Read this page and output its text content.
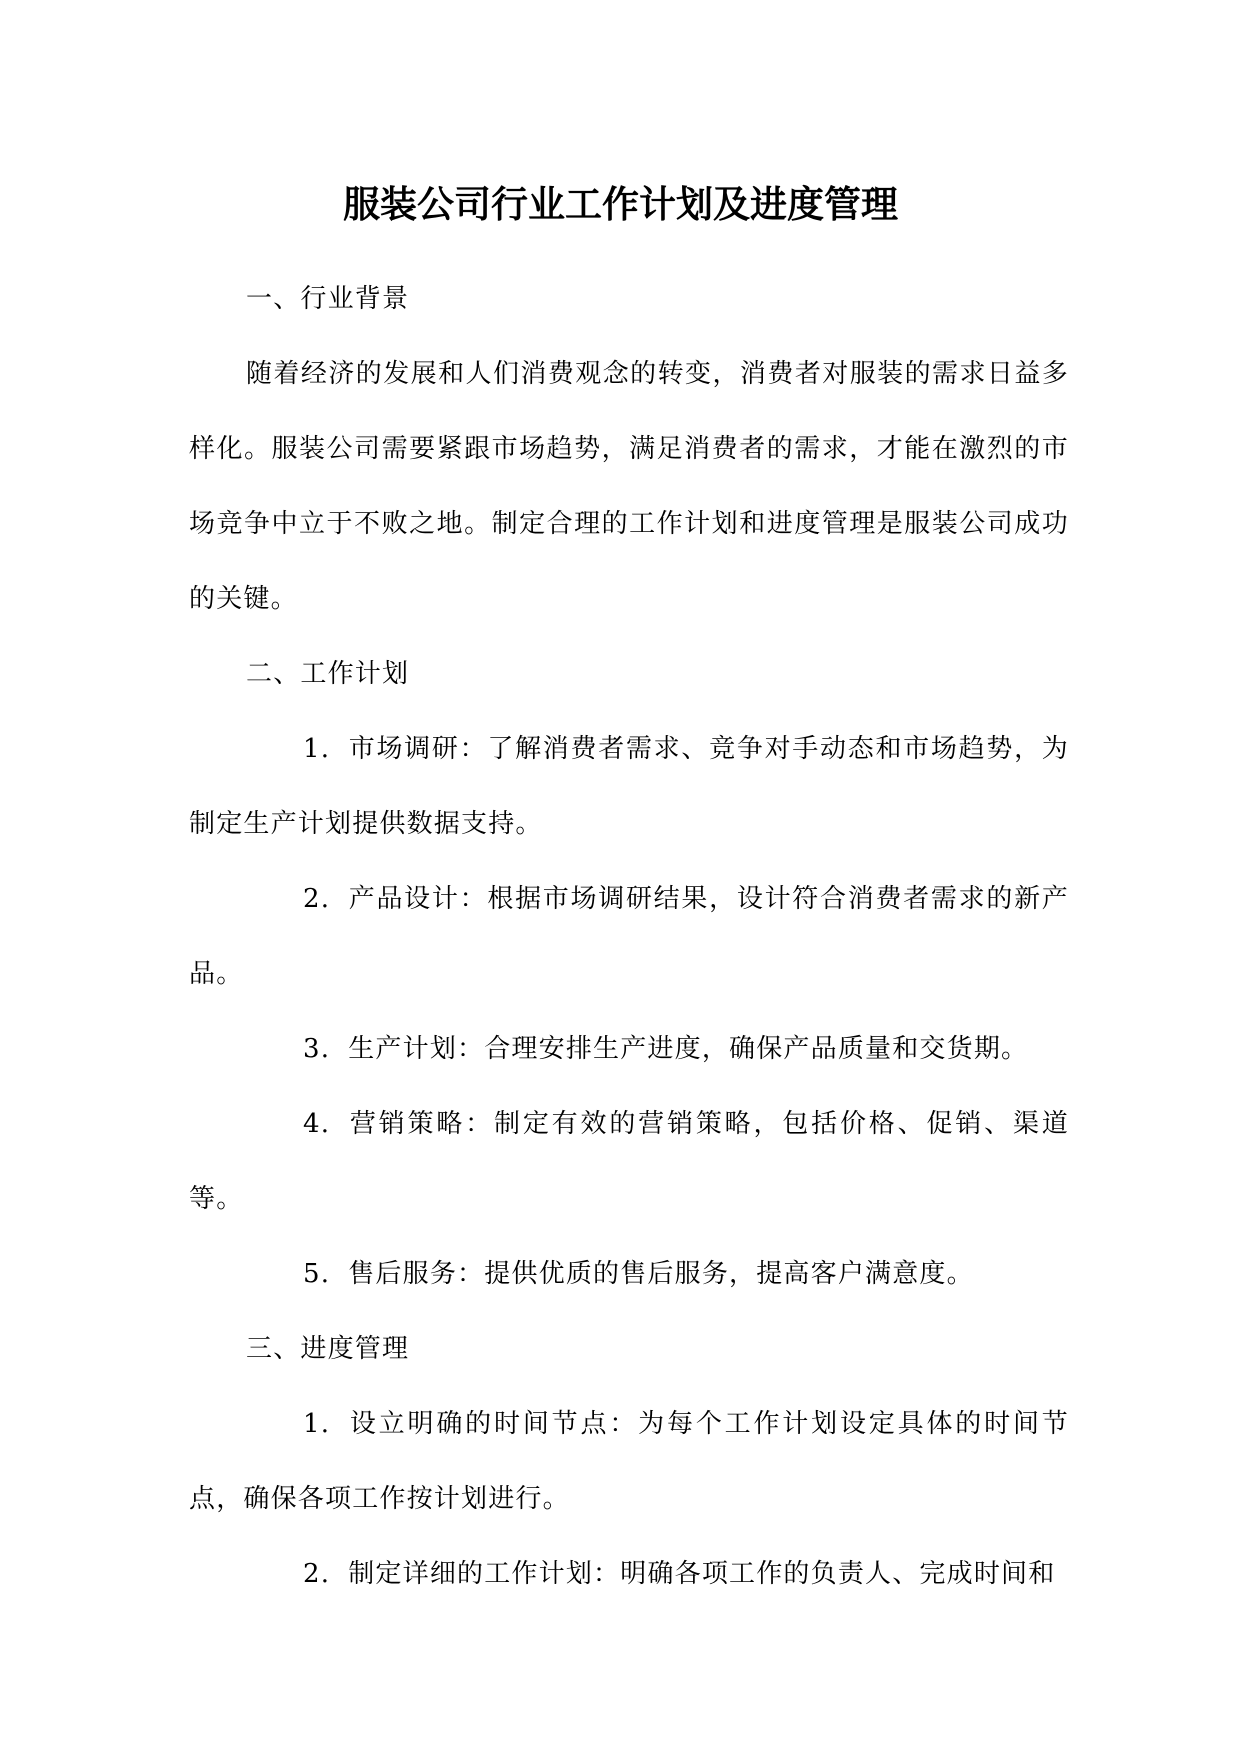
服装公司行业工作计划及进度管理

一、行业背景

随着经济的发展和人们消费观念的转变，消费者对服装的需求日益多样化。服装公司需要紧跟市场趋势，满足消费者的需求，才能在激烈的市场竞争中立于不败之地。制定合理的工作计划和进度管理是服装公司成功的关键。

二、工作计划

1. 市场调研：了解消费者需求、竞争对手动态和市场趋势，为制定生产计划提供数据支持。

2. 产品设计：根据市场调研结果，设计符合消费者需求的新产品。

3. 生产计划：合理安排生产进度，确保产品质量和交货期。

4. 营销策略：制定有效的营销策略，包括价格、促销、渠道等。

5. 售后服务：提供优质的售后服务，提高客户满意度。

三、进度管理

1. 设立明确的时间节点：为每个工作计划设定具体的时间节点，确保各项工作按计划进行。

2. 制定详细的工作计划：明确各项工作的负责人、完成时间和
